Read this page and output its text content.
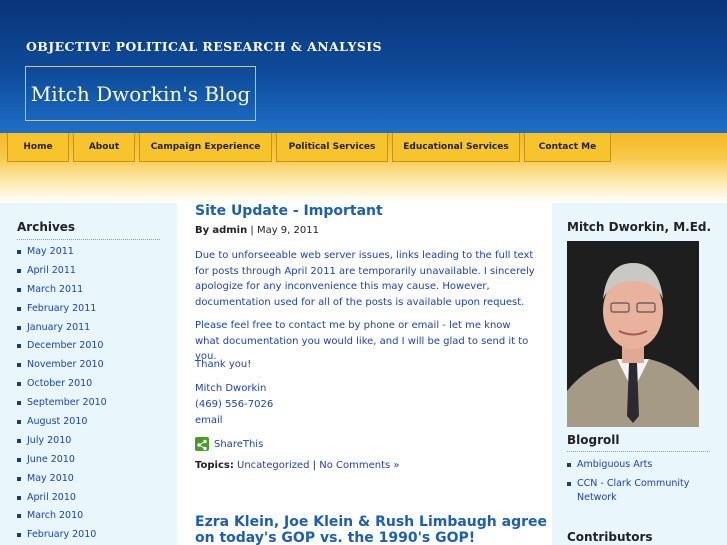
OBJECTIVE POLITICAL RESEARCH & ANALYSIS
Mitch Dworkin's Blog
Home	About	Campaign Experience	Political Services	Educational Services	Contact Me
Archives
May 2011
April 2011
March 2011
February 2011
January 2011
December 2010
November 2010
October 2010
September 2010
August 2010
July 2010
June 2010
May 2010
April 2010
March 2010
February 2010
Site Update - Important
By admin | May 9, 2011
Due to unforseeable web server issues, links leading to the full text for posts through April 2011 are temporarily unavailable. I sincerely apologize for any inconvenience this may cause. However, documentation used for all of the posts is available upon request.
Please feel free to contact me by phone or email - let me know what documentation you would like, and I will be glad to send it to you.
Thank you!
Mitch Dworkin
(469) 556-7026
email
ShareThis
Topics: Uncategorized | No Comments »
Ezra Klein, Joe Klein & Rush Limbaugh agree
on today's GOP vs. the 1990's GOP!
Mitch Dworkin, M.Ed.
Blogroll
Ambiguous Arts
CCN - Clark Community Network
Contributors
